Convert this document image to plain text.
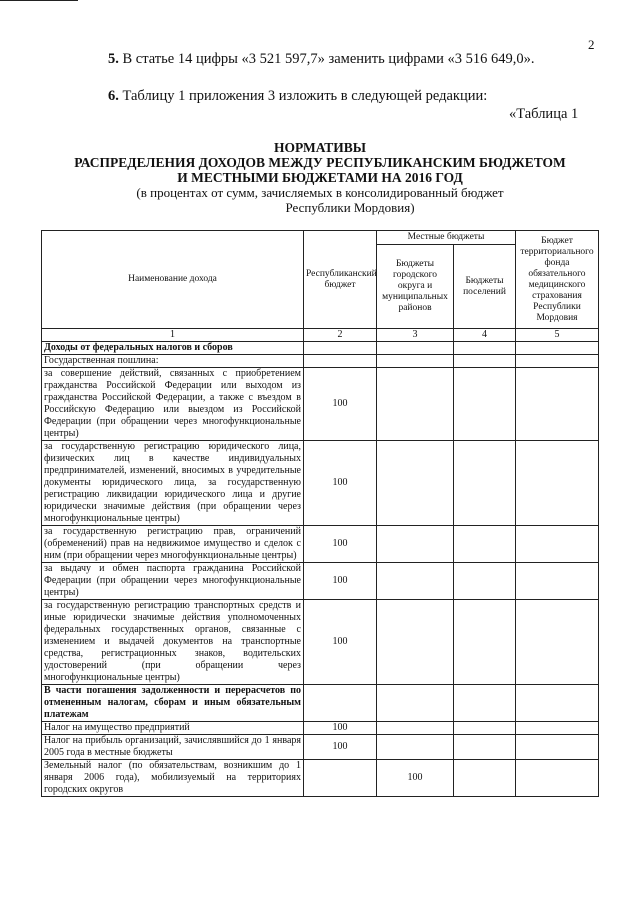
2
5. В статье 14 цифры «3 521 597,7» заменить цифрами «3 516 649,0».
6. Таблицу 1 приложения 3 изложить в следующей редакции:
«Таблица 1
НОРМАТИВЫ
РАСПРЕДЕЛЕНИЯ ДОХОДОВ МЕЖДУ РЕСПУБЛИКАНСКИМ БЮДЖЕТОМ
И МЕСТНЫМИ БЮДЖЕТАМИ НА 2016 ГОД
(в процентах от сумм, зачисляемых в консолидированный бюджет
Республики Мордовия)
Наименование дохода	Республиканский бюджет	Местные бюджеты		Бюджет территориального фонда обязательного медицинского страхования Республики Мордовия
		Бюджеты городского округа и муниципальных районов	Бюджеты поселений	
1	2	3	4	5
Доходы от федеральных налогов и сборов				
Государственная пошлина:				
за совершение действий, связанных с приобретением гражданства Российской Федерации или выходом из гражданства Российской Федерации, а также с въездом в Российскую Федерацию или выездом из Российской Федерации (при обращении через многофункциональные центры)	100			
за государственную регистрацию юридического лица, физических лиц в качестве индивидуальных предпринимателей, изменений, вносимых в учредительные документы юридического лица, за государственную регистрацию ликвидации юридического лица и другие юридически значимые действия (при обращении через многофункциональные центры)	100			
за государственную регистрацию прав, ограничений (обременений) прав на недвижимое имущество и сделок с ним (при обращении через многофункциональные центры)	100			
за выдачу и обмен паспорта гражданина Российской Федерации (при обращении через многофункциональные центры)	100			
за государственную регистрацию транспортных средств и иные юридически значимые действия уполномоченных федеральных государственных органов, связанные с изменением и выдачей документов на транспортные средства, регистрационных знаков, водительских удостоверений (при обращении через многофункциональные центры)	100			
В части погашения задолженности и перерасчетов по отмененным налогам, сборам и иным обязательным платежам				
Налог на имущество предприятий	100			
Налог на прибыль организаций, зачислявшийся до 1 января 2005 года в местные бюджеты	100			
Земельный налог (по обязательствам, возникшим до 1 января 2006 года), мобилизуемый на территориях городских округов		100		
